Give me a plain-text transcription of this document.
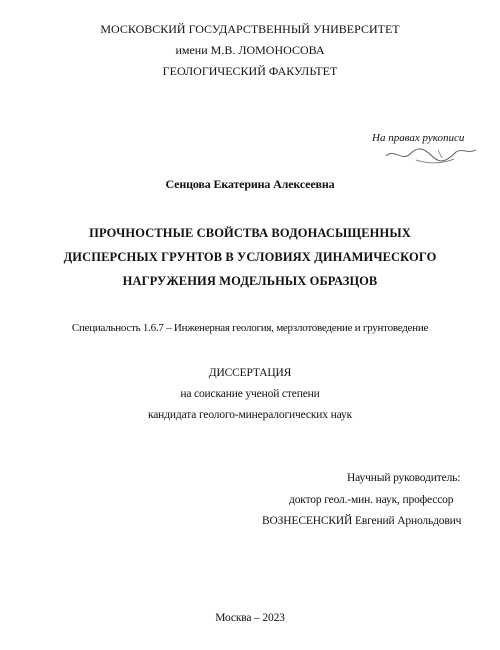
МОСКОВСКИЙ ГОСУДАРСТВЕННЫЙ УНИВЕРСИТЕТ
имени М.В. ЛОМОНОСОВА
ГЕОЛОГИЧЕСКИЙ ФАКУЛЬТЕТ
На правах рукописи
Сенцова Екатерина Алексеевна
ПРОЧНОСТНЫЕ СВОЙСТВА ВОДОНАСЫЩЕННЫХ
ДИСПЕРСНЫХ ГРУНТОВ В УСЛОВИЯХ ДИНАМИЧЕСКОГО
НАГРУЖЕНИЯ МОДЕЛЬНЫХ ОБРАЗЦОВ
Специальность 1.6.7 – Инженерная геология, мерзлотоведение и грунтоведение
ДИССЕРТАЦИЯ
на соискание ученой степени
кандидата геолого-минералогических наук
Научный руководитель:
доктор геол.-мин. наук, профессор
ВОЗНЕСЕНСКИЙ Евгений Арнольдович
Москва – 2023
